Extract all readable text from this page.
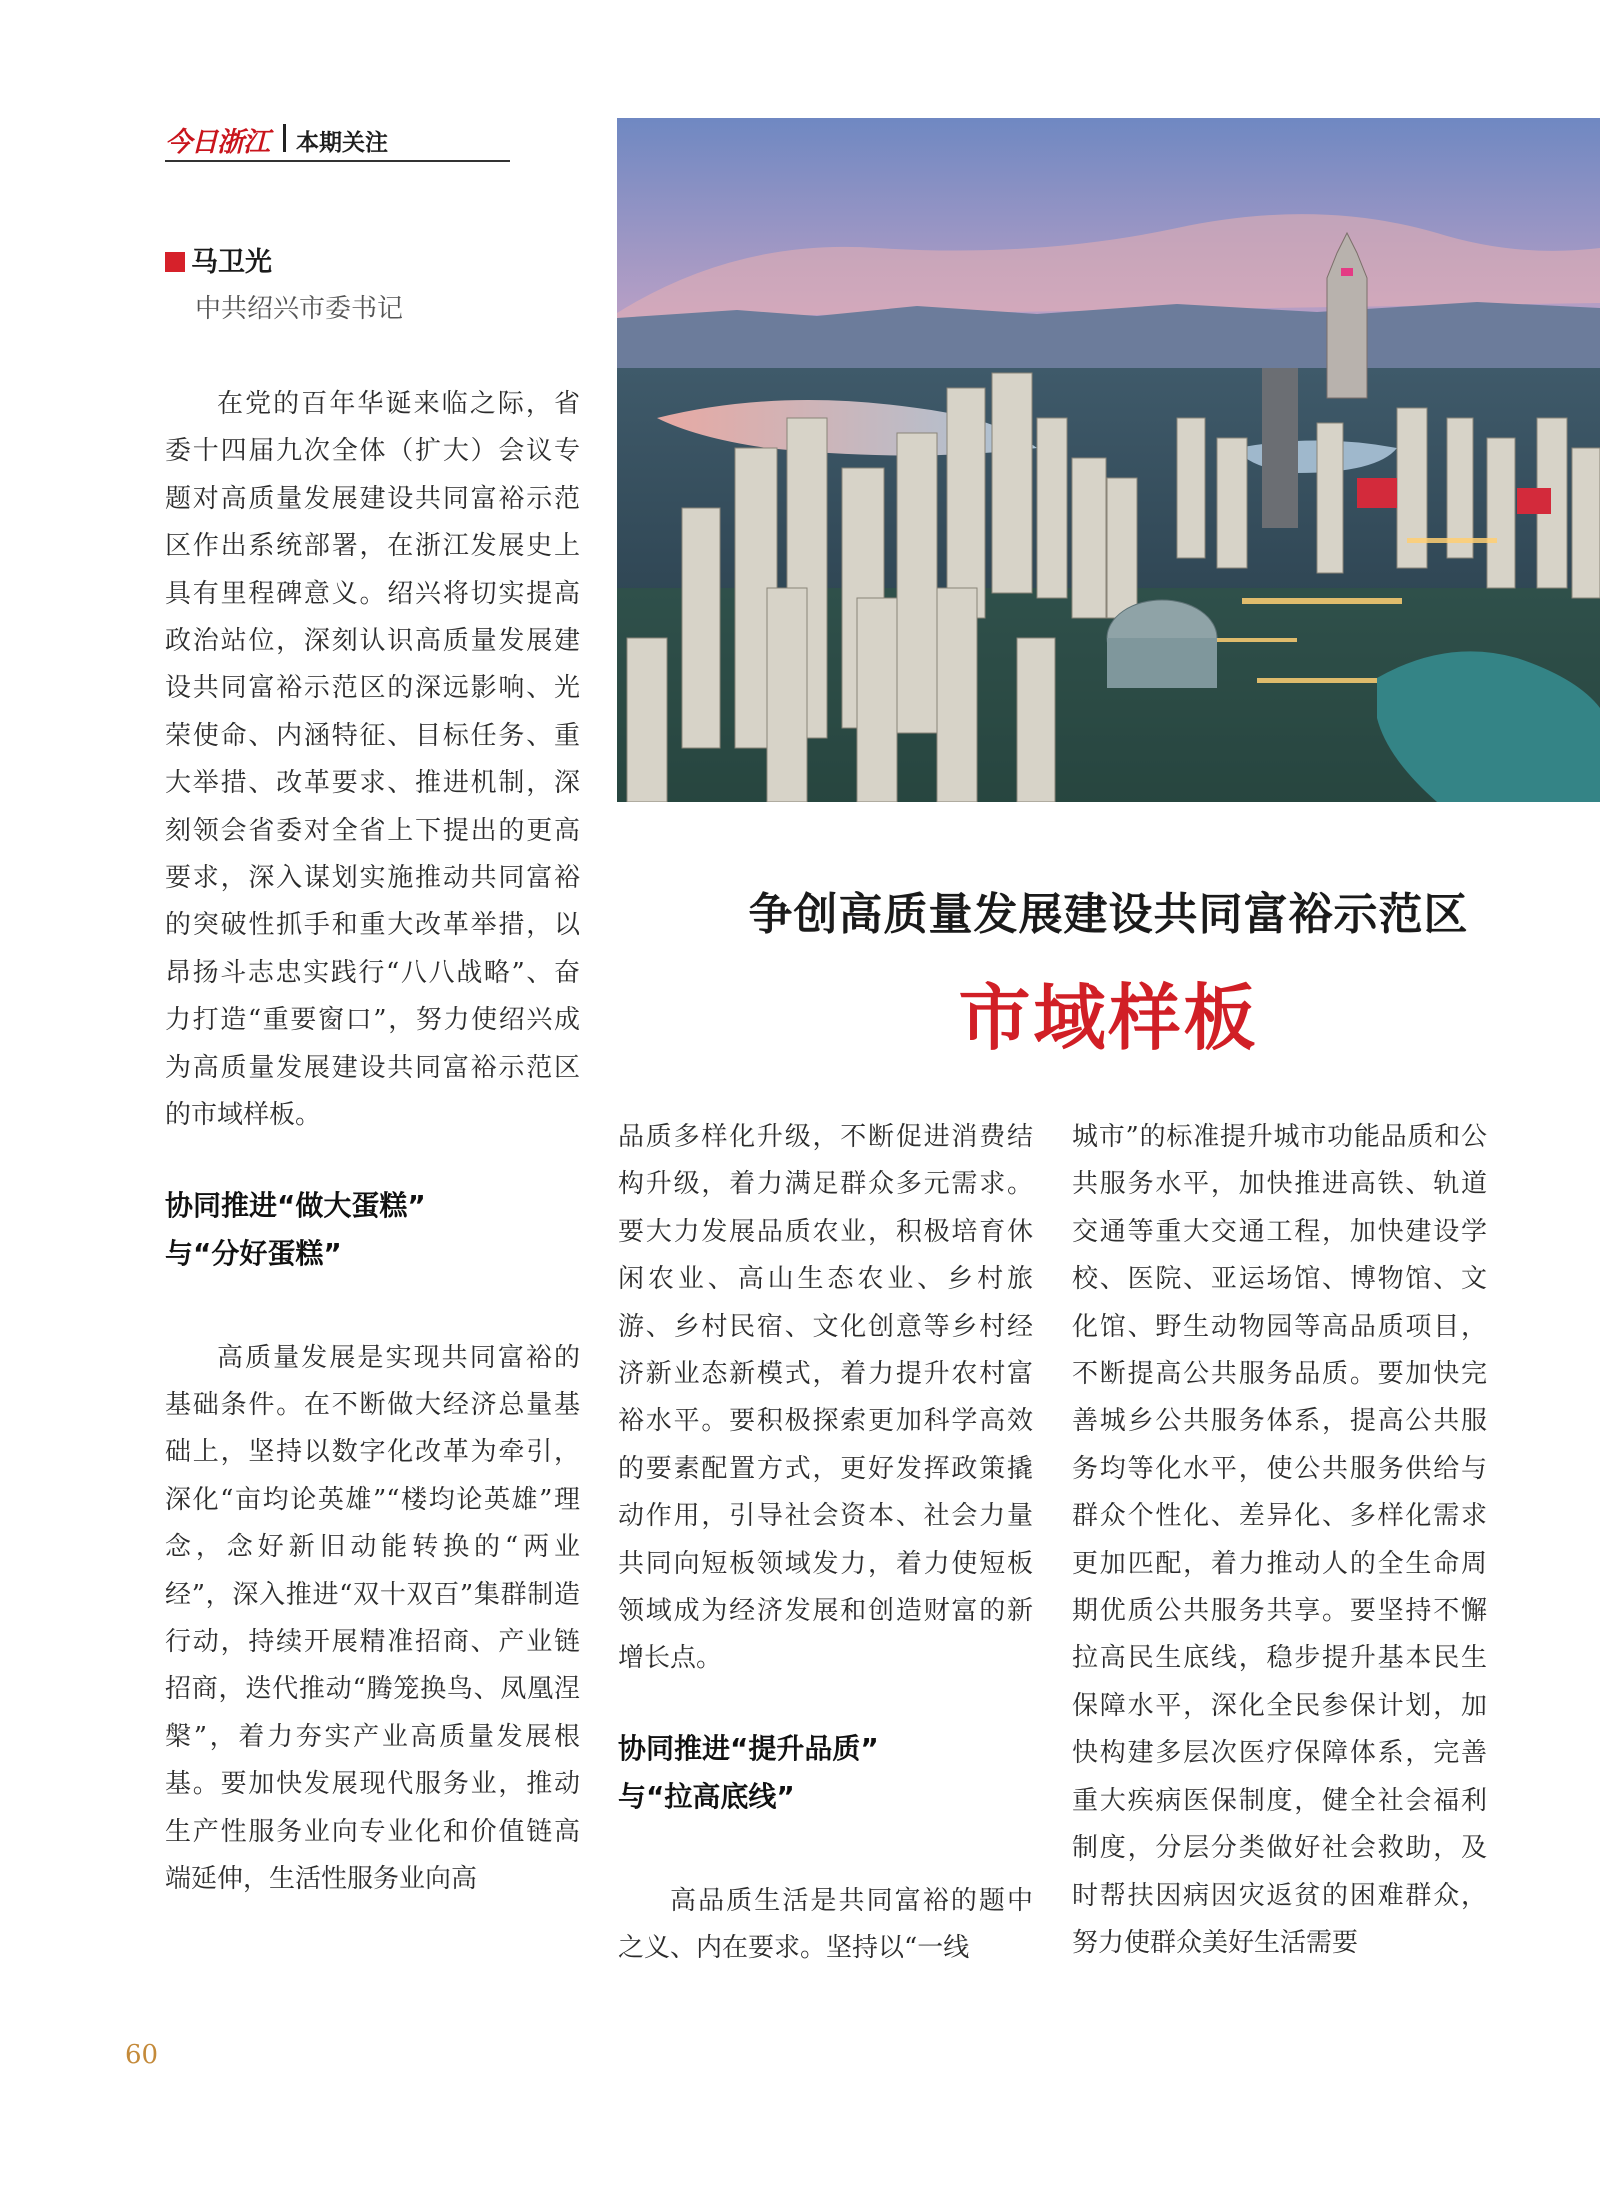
今日浙江 本期关注
马卫光
中共绍兴市委书记

在党的百年华诞来临之际，省委十四届九次全体（扩大）会议专题对高质量发展建设共同富裕示范区作出系统部署，在浙江发展史上具有里程碑意义。绍兴将切实提高政治站位，深刻认识高质量发展建设共同富裕示范区的深远影响、光荣使命、内涵特征、目标任务、重大举措、改革要求、推进机制，深刻领会省委对全省上下提出的更高要求，深入谋划实施推动共同富裕的突破性抓手和重大改革举措，以昂扬斗志忠实践行“八八战略”、奋力打造“重要窗口”，努力使绍兴成为高质量发展建设共同富裕示范区的市域样板。

协同推进“做大蛋糕”
与“分好蛋糕”

高质量发展是实现共同富裕的基础条件。在不断做大经济总量基础上，坚持以数字化改革为牵引，深化“亩均论英雄”“楼均论英雄”理念，念好新旧动能转换的“两业经”，深入推进“双十双百”集群制造行动，持续开展精准招商、产业链招商，迭代推动“腾笼换鸟、凤凰涅槃”，着力夯实产业高质量发展根基。要加快发展现代服务业，推动生产性服务业向专业化和价值链高端延伸，生活性服务业向高

争创高质量发展建设共同富裕示范区
市域样板

品质多样化升级，不断促进消费结构升级，着力满足群众多元需求。要大力发展品质农业，积极培育休闲农业、高山生态农业、乡村旅游、乡村民宿、文化创意等乡村经济新业态新模式，着力提升农村富裕水平。要积极探索更加科学高效的要素配置方式，更好发挥政策撬动作用，引导社会资本、社会力量共同向短板领域发力，着力使短板领域成为经济发展和创造财富的新增长点。

协同推进“提升品质”
与“拉高底线”

高品质生活是共同富裕的题中之义、内在要求。坚持以“一线

城市”的标准提升城市功能品质和公共服务水平，加快推进高铁、轨道交通等重大交通工程，加快建设学校、医院、亚运场馆、博物馆、文化馆、野生动物园等高品质项目，不断提高公共服务品质。要加快完善城乡公共服务体系，提高公共服务均等化水平，使公共服务供给与群众个性化、差异化、多样化需求更加匹配，着力推动人的全生命周期优质公共服务共享。要坚持不懈拉高民生底线，稳步提升基本民生保障水平，深化全民参保计划，加快构建多层次医疗保障体系，完善重大疾病医保制度，健全社会福利制度，分层分类做好社会救助，及时帮扶因病因灾返贫的困难群众，努力使群众美好生活需要

60
